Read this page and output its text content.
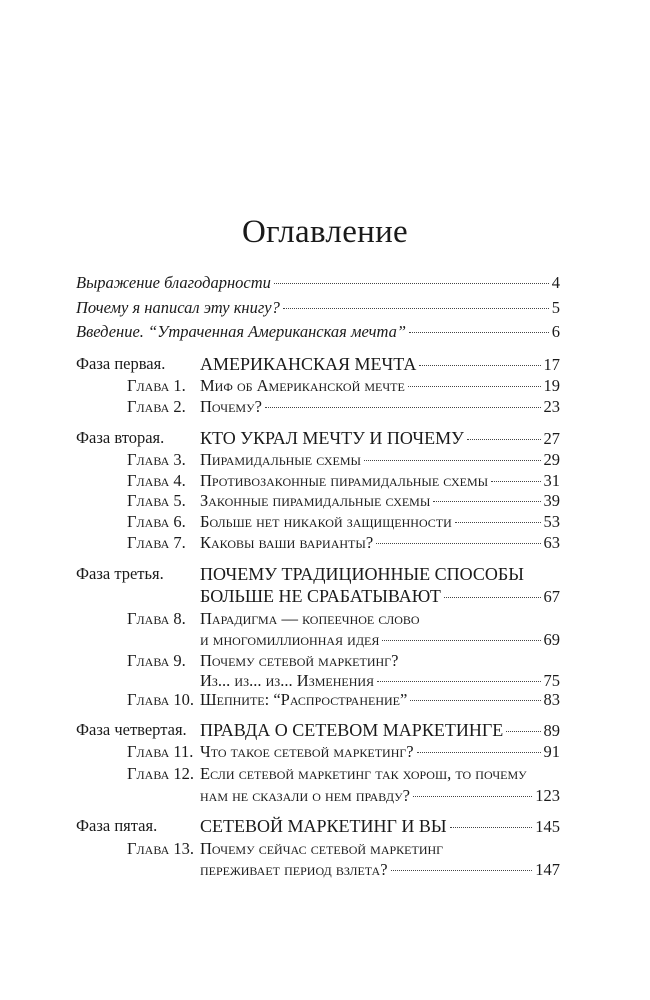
Оглавление
Выражение благодарности	4
Почему я написал эту книгу?	5
Введение. “Утраченная Американская мечта”	6
Фаза первая. АМЕРИКАНСКАЯ МЕЧТА	17
Глава 1. Миф об Американской мечте	19
Глава 2. Почему?	23
Фаза вторая. КТО УКРАЛ МЕЧТУ И ПОЧЕМУ	27
Глава 3. Пирамидальные схемы	29
Глава 4. Противозаконные пирамидальные схемы	31
Глава 5. Законные пирамидальные схемы	39
Глава 6. Больше нет никакой защищенности	53
Глава 7. Каковы ваши варианты?	63
Фаза третья. ПОЧЕМУ ТРАДИЦИОННЫЕ СПОСОБЫ
БОЛЬШЕ НЕ СРАБАТЫВАЮТ	67
Глава 8. Парадигма — копеечное слово
и многомиллионная идея	69
Глава 9. Почему сетевой маркетинг?
Из... из... из... Изменения	75
Глава 10. Шепните: “Распространение”	83
Фаза четвертая. ПРАВДА О СЕТЕВОМ МАРКЕТИНГЕ 89
Глава 11. Что такое сетевой маркетинг?	91
Глава 12. Если сетевой маркетинг так хорош, то почему
нам не сказали о нем правду?	123
Фаза пятая. СЕТЕВОЙ МАРКЕТИНГ И ВЫ	145
Глава 13. Почему сейчас сетевой маркетинг
переживает период взлета?	147
